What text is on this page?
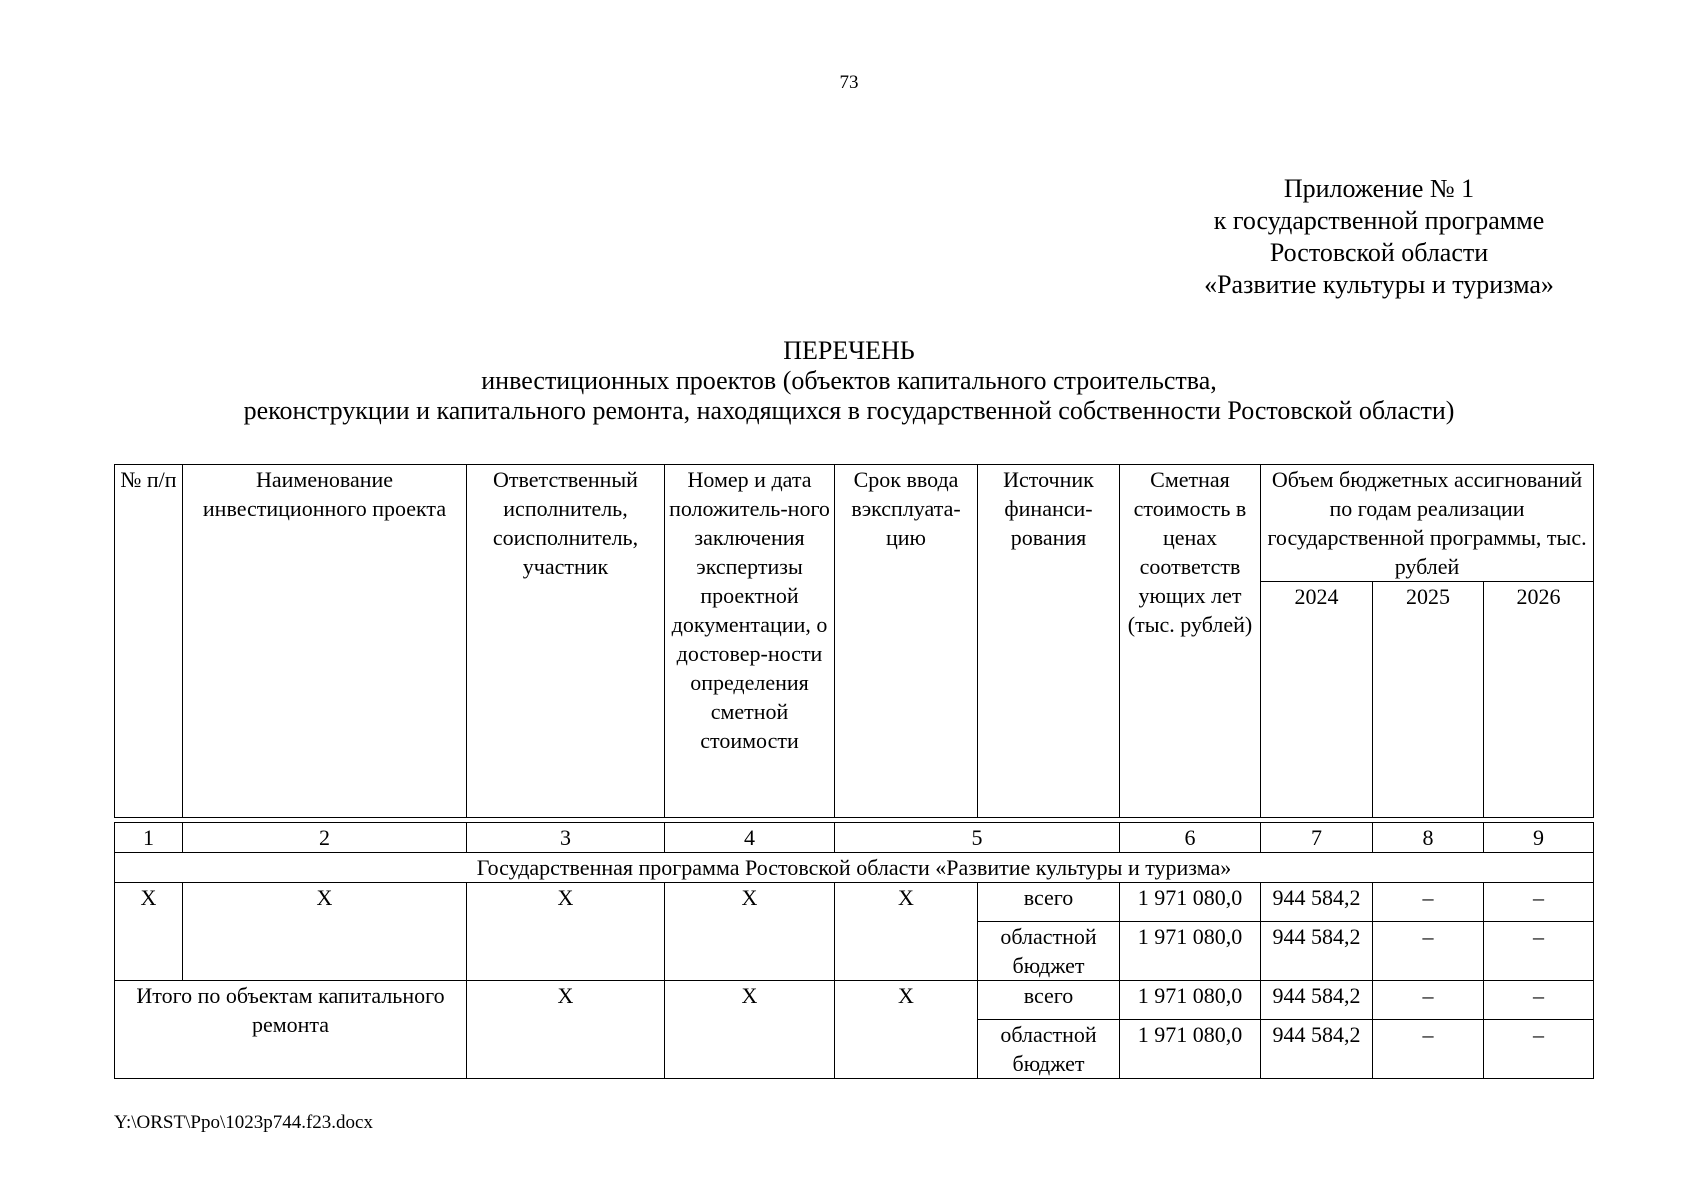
73
Приложение № 1
к государственной программе
Ростовской области
«Развитие культуры и туризма»
ПЕРЕЧЕНЬ
инвестиционных проектов (объектов капитального строительства,
реконструкции и капитального ремонта, находящихся в государственной собственности Ростовской области)
№ п/п	Наименование инвестиционного проекта	Ответственный исполнитель, соисполнитель, участник	Номер и дата положитель-ного заключения экспертизы проектной документации, о достовер-ности определения сметной стоимости	Срок ввода вэксплуата-цию	Источник финанси-рования	Сметная стоимость в ценах соответств ующих лет (тыс. рублей)	Объем бюджетных ассигнований по годам реализации государственной программы, тыс. рублей		
							2024	2025	2026

1	2	3	4	5		6	7	8	9
Государственная программа Ростовской области «Развитие культуры и туризма»									
Х	Х	Х	Х	Х	всего	1 971 080,0	944 584,2	–	–
					областной бюджет	1 971 080,0	944 584,2	–	–
Итого по объектам капитального ремонта		Х	Х	Х	всего	1 971 080,0	944 584,2	–	–
					областной бюджет	1 971 080,0	944 584,2	–	–
Y:\ORST\Ppo\1023p744.f23.docx
